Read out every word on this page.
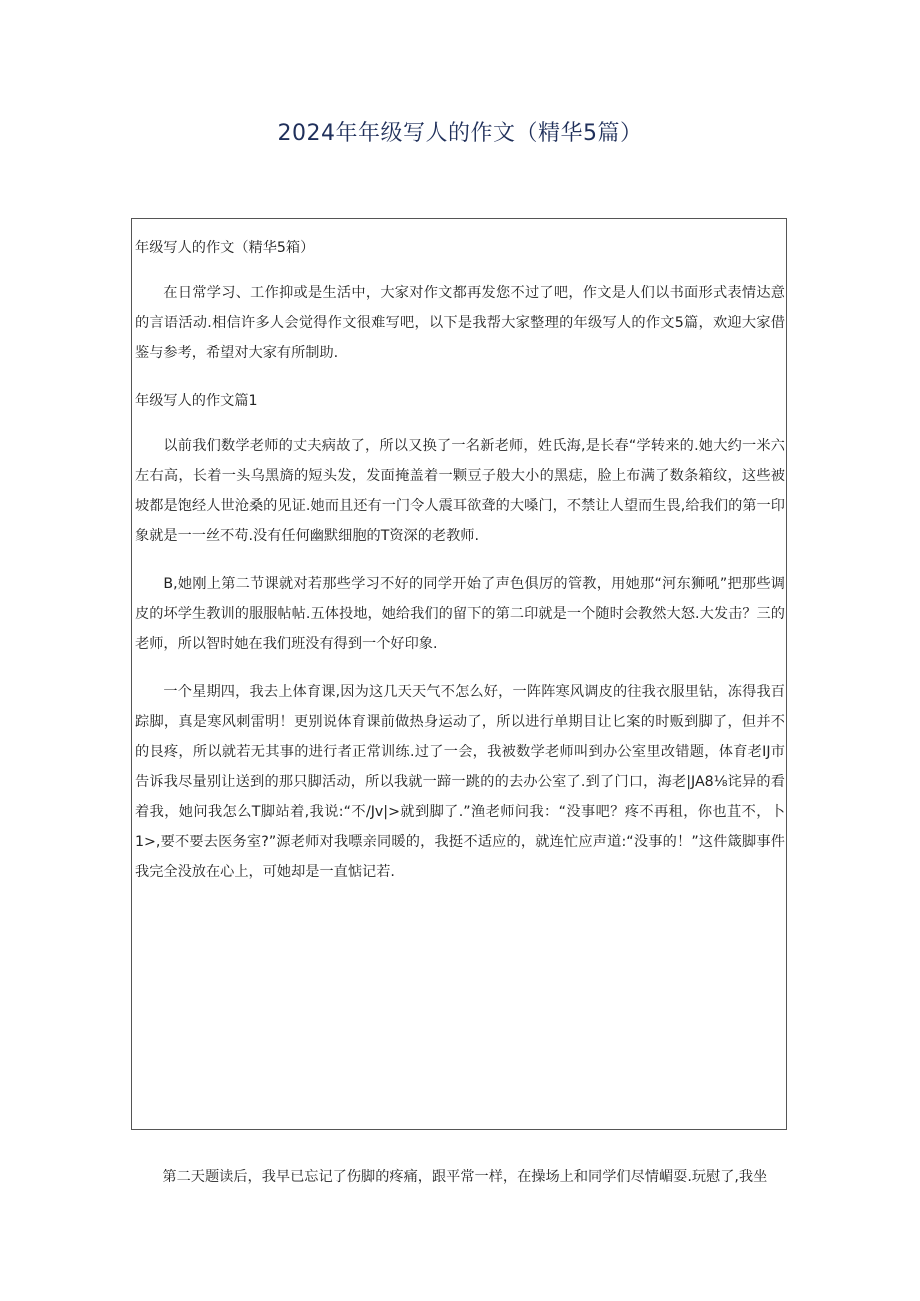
2024年年级写人的作文（精华5篇）

年级写人的作文（精华5箱）

在日常学习、工作抑或是生活中，大家对作文都再发您不过了吧，作文是人们以书面形式表情达意的言语活动.相信许多人会觉得作文很难写吧，以下是我帮大家整理的年级写人的作文5篇，欢迎大家借鉴与参考，希望对大家有所制助.

年级写人的作文篇1

以前我们数学老师的丈夫病故了，所以又换了一名新老师，姓氏海,是长春“学转来的.她大约一米六左右高，长着一头乌黑旖的短头发，发面掩盖着一颗豆子般大小的黑痣，脸上布满了数条箱纹，这些被坡都是饱经人世沧桑的见证.她而且还有一门令人震耳欲聋的大嗓门，不禁让人望而生畏,给我们的第一印象就是一一丝不苟.没有任何幽默细胞的T资深的老教师.

B,她刚上第二节课就对若那些学习不好的同学开始了声色俱厉的管教，用她那“河东狮吼”把那些调皮的坏学生教训的服服帖帖.五体投地，她给我们的留下的第二印就是一个随时会教然大怒.大发击？三的老师，所以智时她在我们班没有得到一个好印象.

一个星期四，我去上体育课,因为这几天天气不怎么好，一阵阵寒风调皮的往我衣服里钻，冻得我百踪脚，真是寒风刺雷明！更别说体育课前做热身运动了，所以进行单期目让匕案的时贩到脚了，但并不的艮疼，所以就若无其事的进行者正常训练.过了一会，我被数学老师叫到办公室里改错题，体育老IJ市告诉我尽量别让送到的那只脚活动，所以我就一蹄一跳的的去办公室了.到了门口，海老|JA8⅛诧异的看着我，她问我怎么T脚站着,我说:“不/Jv|>就到脚了.”渔老师问我：“没事吧？疼不再租，你也苴不，卜1>,要不要去医务室?”源老师对我嘌亲同暖的，我挺不适应的，就连忙应声道:“没事的！”这件箴脚事件我完全没放在心上，可她却是一直惦记若.

第二天题读后，我早已忘记了伤脚的疼痛，跟平常一样，在操场上和同学们尽情嵋耍.玩慰了,我坐
